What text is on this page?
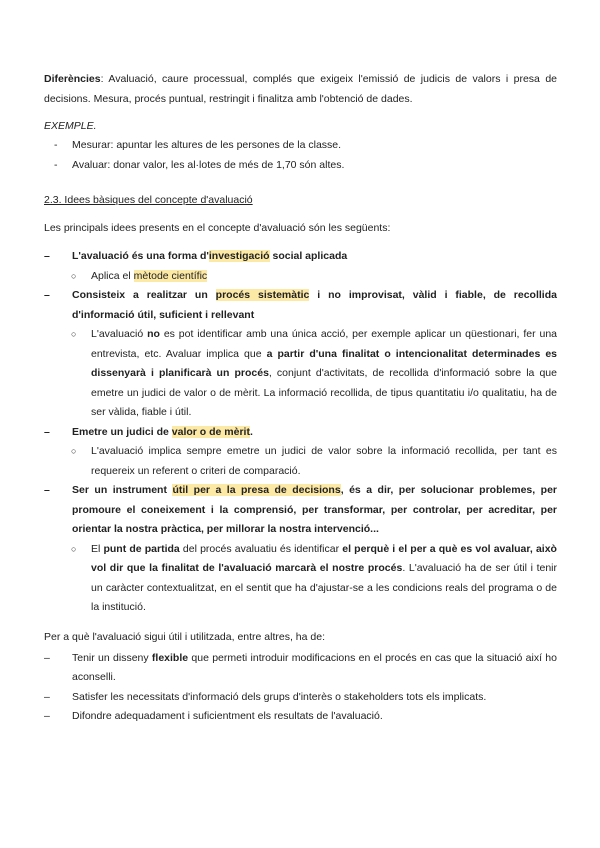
Diferències: Avaluació, caure processual, complés que exigeix l'emissió de judicis de valors i presa de decisions. Mesura, procés puntual, restringit i finalitza amb l'obtenció de dades.

EXEMPLE.

- Mesurar: apuntar les altures de les persones de la classe.
- Avaluar: donar valor, les al·lotes de més de 1,70 són altes.

2.3. Idees bàsiques del concepte d'avaluació

Les principals idees presents en el concepte d'avaluació són les següents:

– L'avaluació és una forma d'investigació social aplicada
○ Aplica el mètode científic
– Consisteix a realitzar un procés sistemàtic i no improvisat, vàlid i fiable, de recollida d'informació útil, suficient i rellevant
○ L'avaluació no es pot identificar amb una única acció, per exemple aplicar un qüestionari, fer una entrevista, etc. Avaluar implica que a partir d'una finalitat o intencionalitat determinades es dissenyarà i planificarà un procés, conjunt d'activitats, de recollida d'informació sobre la que emetre un judici de valor o de mèrit. La informació recollida, de tipus quantitatiu i/o qualitatiu, ha de ser vàlida, fiable i útil.
– Emetre un judici de valor o de mèrit.
○ L'avaluació implica sempre emetre un judici de valor sobre la informació recollida, per tant es requereix un referent o criteri de comparació.
– Ser un instrument útil per a la presa de decisions, és a dir, per solucionar problemes, per promoure el coneixement i la comprensió, per transformar, per controlar, per acreditar, per orientar la nostra pràctica, per millorar la nostra intervenció...
○ El punt de partida del procés avaluatiu és identificar el perquè i el per a què es vol avaluar, això vol dir que la finalitat de l'avaluació marcarà el nostre procés. L'avaluació ha de ser útil i tenir un caràcter contextualitzat, en el sentit que ha d'ajustar-se a les condicions reals del programa o de la institució.

Per a què l'avaluació sigui útil i utilitzada, entre altres, ha de:

– Tenir un disseny flexible que permeti introduir modificacions en el procés en cas que la situació així ho aconselli.
– Satisfer les necessitats d'informació dels grups d'interès o stakeholders tots els implicats.
– Difondre adequadament i suficientment els resultats de l'avaluació.
